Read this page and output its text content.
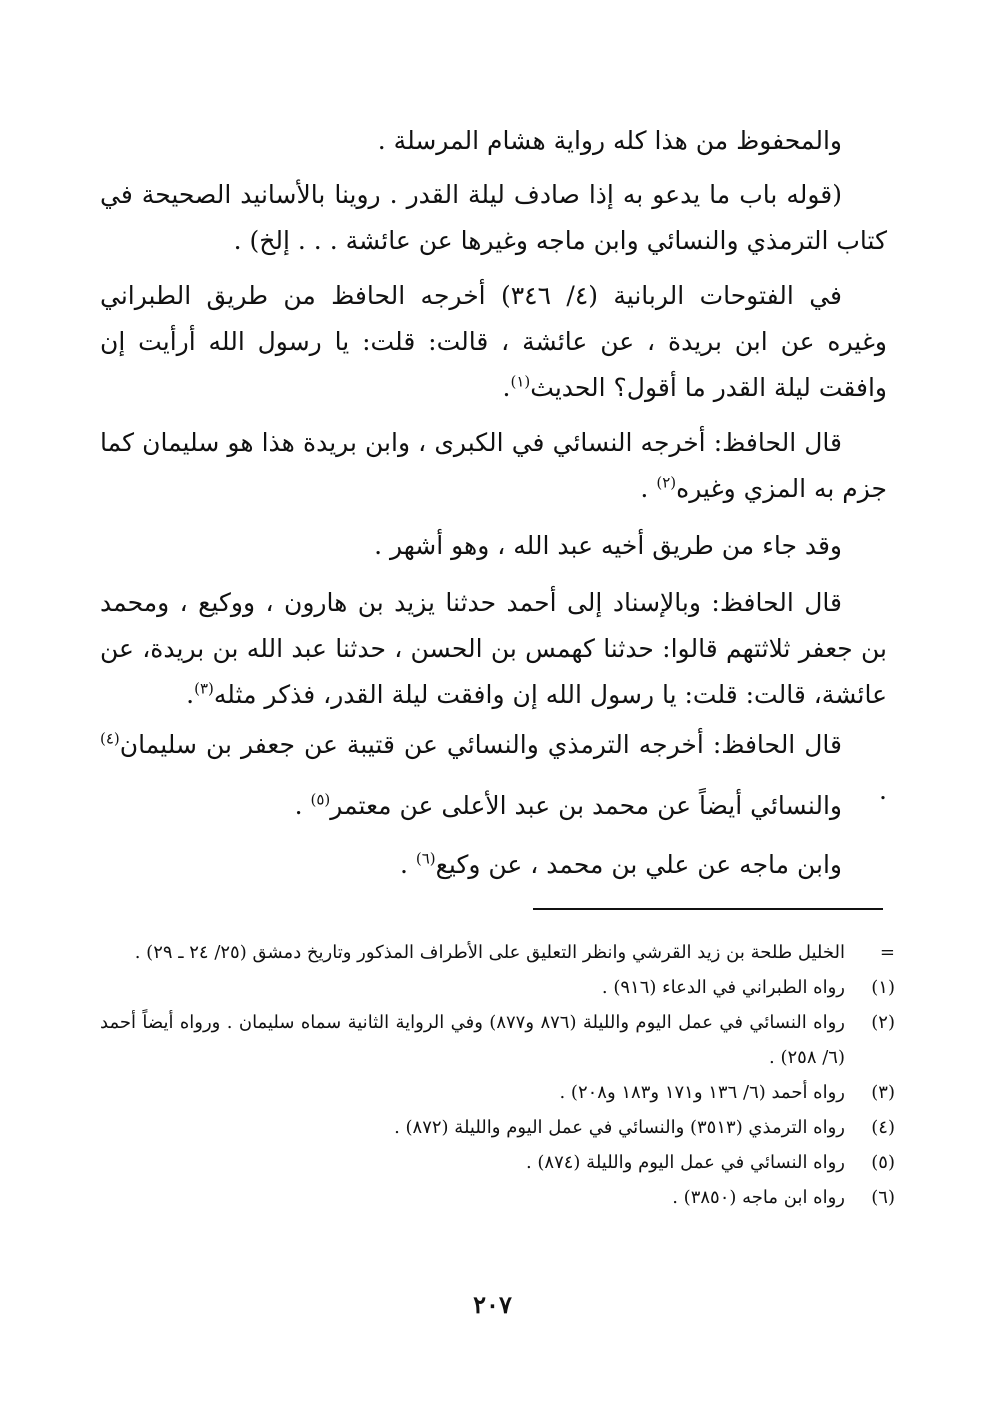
والمحفوظ من هذا كله رواية هشام المرسلة .

(قوله باب ما يدعو به إذا صادف ليلة القدر . روينا بالأسانيد الصحيحة في كتاب الترمذي والنسائي وابن ماجه وغيرها عن عائشة . . . إلخ) .

في الفتوحات الربانية (٤/ ٣٤٦) أخرجه الحافظ من طريق الطبراني وغيره عن ابن بريدة ، عن عائشة ، قالت: قلت: يا رسول الله أرأيت إن وافقت ليلة القدر ما أقول؟ الحديث$^{(١)}$.

قال الحافظ: أخرجه النسائي في الكبرى ، وابن بريدة هذا هو سليمان كما جزم به المزي وغيره$^{(٢)}$ .

وقد جاء من طريق أخيه عبد الله ، وهو أشهر .

قال الحافظ: وبالإسناد إلى أحمد حدثنا يزيد بن هارون ، ووكيع ، ومحمد بن جعفر ثلاثتهم قالوا: حدثنا كهمس بن الحسن ، حدثنا عبد الله بن بريدة، عن عائشة، قالت: قلت: يا رسول الله إن وافقت ليلة القدر، فذكر مثله$^{(٣)}$.

قال الحافظ: أخرجه الترمذي والنسائي عن قتيبة عن جعفر بن سليمان$^{(٤)}$ .

والنسائي أيضاً عن محمد بن عبد الأعلى عن معتمر$^{(٥)}$ .

وابن ماجه عن علي بن محمد ، عن وكيع$^{(٦)}$ .

=
الخليل طلحة بن زيد القرشي وانظر التعليق على الأطراف المذكور وتاريخ دمشق (٢٥/ ٢٤ ـ ٢٩) .
(١)
رواه الطبراني في الدعاء (٩١٦) .
(٢)
رواه النسائي في عمل اليوم والليلة (٨٧٦ و٨٧٧) وفي الرواية الثانية سماه سليمان . ورواه أيضاً أحمد (٦/ ٢٥٨) .
(٣)
رواه أحمد (٦/ ١٣٦ و١٧١ و١٨٣ و٢٠٨) .
(٤)
رواه الترمذي (٣٥١٣) والنسائي في عمل اليوم والليلة (٨٧٢) .
(٥)
رواه النسائي في عمل اليوم والليلة (٨٧٤) .
(٦)
رواه ابن ماجه (٣٨٥٠) .
٢٠٧
